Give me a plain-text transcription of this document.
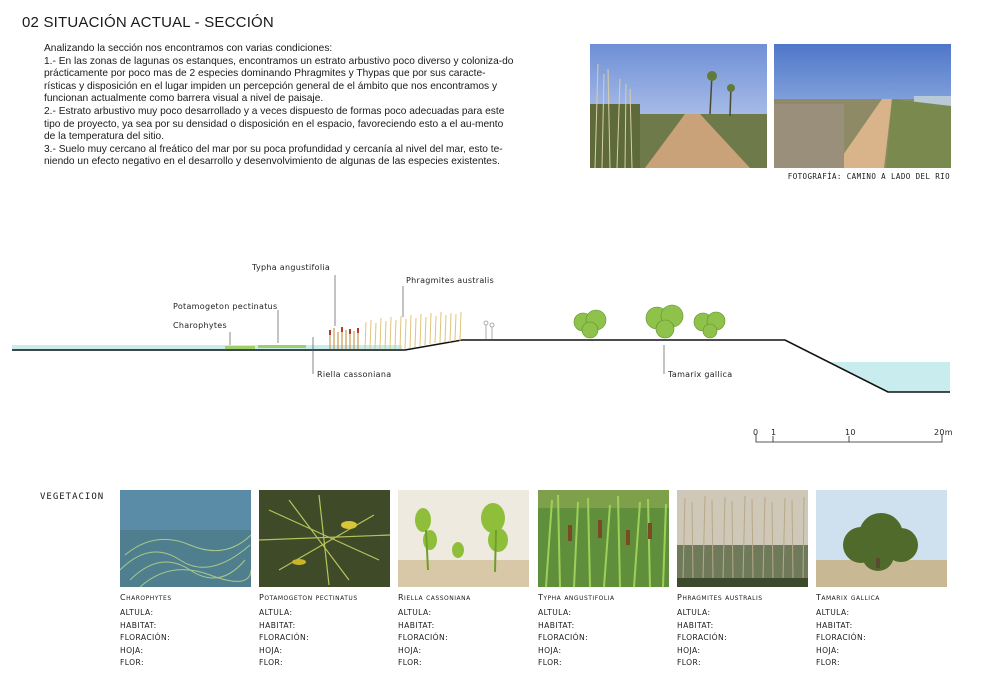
02 SITUACIÓN ACTUAL - SECCIÓN

Analizando la sección nos encontramos con varias condiciones:

1.- En las zonas de lagunas os estanques, encontramos un estrato arbustivo poco diverso y coloniza-do prácticamente por poco mas de 2 especies dominando Phragmites y Thypas que por sus caracte-rísticas y disposición en el lugar impiden un percepción general de el ámbito que nos encontramos y funcionan actualmente como barrera visual a nivel de paisaje.

2.- Estrato arbustivo muy poco desarrollado y a veces dispuesto de formas poco adecuadas para este tipo de proyecto, ya sea por su densidad o disposición en el espacio, favoreciendo esto a el au-mento de la temperatura del sitio.

3.- Suelo muy cercano al freático del mar por su poca profundidad y cercanía al nivel del mar, esto te-niendo un efecto negativo en el desarrollo y desenvolvimiento de algunas de las especies existentes.

FOTOGRAFÍA: CAMINO A LADO DEL RIO
Typha angustifolia
Phragmites australis
Potamogeton pectinatus
Charophytes
Riella cassoniana	Tamarix gallica
0 1	10	20m
VEGETACION
Charophytes
ALTULA:
HABITAT:
FLORACIÓN:
HOJA:
FLOR:
Potamogeton pectinatus
ALTULA:
HABITAT:
FLORACIÓN:
HOJA:
FLOR:
Riella cassoniana
ALTULA:
HABITAT:
FLORACIÓN:
HOJA:
FLOR:
Typha angustifolia
ALTULA:
HABITAT:
FLORACIÓN:
HOJA:
FLOR:
Phragmites australis
ALTULA:
HABITAT:
FLORACIÓN:
HOJA:
FLOR:
Tamarix gallica
ALTULA:
HABITAT:
FLORACIÓN:
HOJA:
FLOR:
